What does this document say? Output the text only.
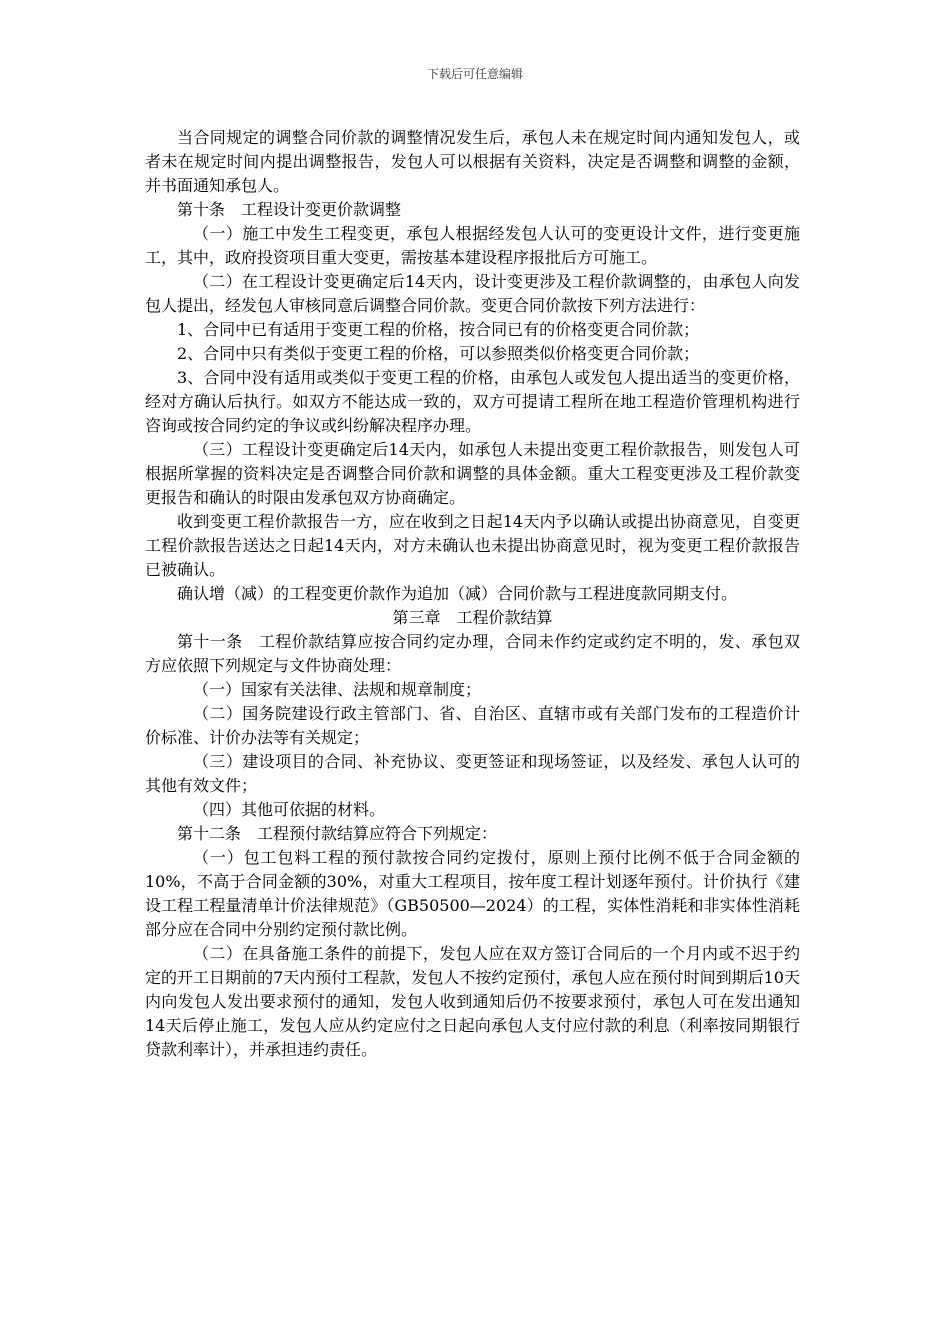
下载后可任意编辑

当合同规定的调整合同价款的调整情况发生后，承包人未在规定时间内通知发包人，或者未在规定时间内提出调整报告，发包人可以根据有关资料，决定是否调整和调整的金额，并书面通知承包人。

第十条 工程设计变更价款调整

（一）施工中发生工程变更，承包人根据经发包人认可的变更设计文件，进行变更施工，其中，政府投资项目重大变更，需按基本建设程序报批后方可施工。

（二）在工程设计变更确定后14天内，设计变更涉及工程价款调整的，由承包人向发包人提出，经发包人审核同意后调整合同价款。变更合同价款按下列方法进行：

1、合同中已有适用于变更工程的价格，按合同已有的价格变更合同价款；

2、合同中只有类似于变更工程的价格，可以参照类似价格变更合同价款；

3、合同中没有适用或类似于变更工程的价格，由承包人或发包人提出适当的变更价格，经对方确认后执行。如双方不能达成一致的，双方可提请工程所在地工程造价管理机构进行咨询或按合同约定的争议或纠纷解决程序办理。

（三）工程设计变更确定后14天内，如承包人未提出变更工程价款报告，则发包人可根据所掌握的资料决定是否调整合同价款和调整的具体金额。重大工程变更涉及工程价款变更报告和确认的时限由发承包双方协商确定。

收到变更工程价款报告一方，应在收到之日起14天内予以确认或提出协商意见，自变更工程价款报告送达之日起14天内，对方未确认也未提出协商意见时，视为变更工程价款报告已被确认。

确认增（减）的工程变更价款作为追加（减）合同价款与工程进度款同期支付。

第三章 工程价款结算

第十一条 工程价款结算应按合同约定办理，合同未作约定或约定不明的，发、承包双方应依照下列规定与文件协商处理：

（一）国家有关法律、法规和规章制度；

（二）国务院建设行政主管部门、省、自治区、直辖市或有关部门发布的工程造价计价标准、计价办法等有关规定；

（三）建设项目的合同、补充协议、变更签证和现场签证，以及经发、承包人认可的其他有效文件；

（四）其他可依据的材料。

第十二条 工程预付款结算应符合下列规定：

（一）包工包料工程的预付款按合同约定拨付，原则上预付比例不低于合同金额的10%，不高于合同金额的30%，对重大工程项目，按年度工程计划逐年预付。计价执行《建设工程工程量清单计价法律规范》（GB50500—2024）的工程，实体性消耗和非实体性消耗部分应在合同中分别约定预付款比例。

（二）在具备施工条件的前提下，发包人应在双方签订合同后的一个月内或不迟于约定的开工日期前的7天内预付工程款，发包人不按约定预付，承包人应在预付时间到期后10天内向发包人发出要求预付的通知，发包人收到通知后仍不按要求预付，承包人可在发出通知14天后停止施工，发包人应从约定应付之日起向承包人支付应付款的利息（利率按同期银行贷款利率计），并承担违约责任。
